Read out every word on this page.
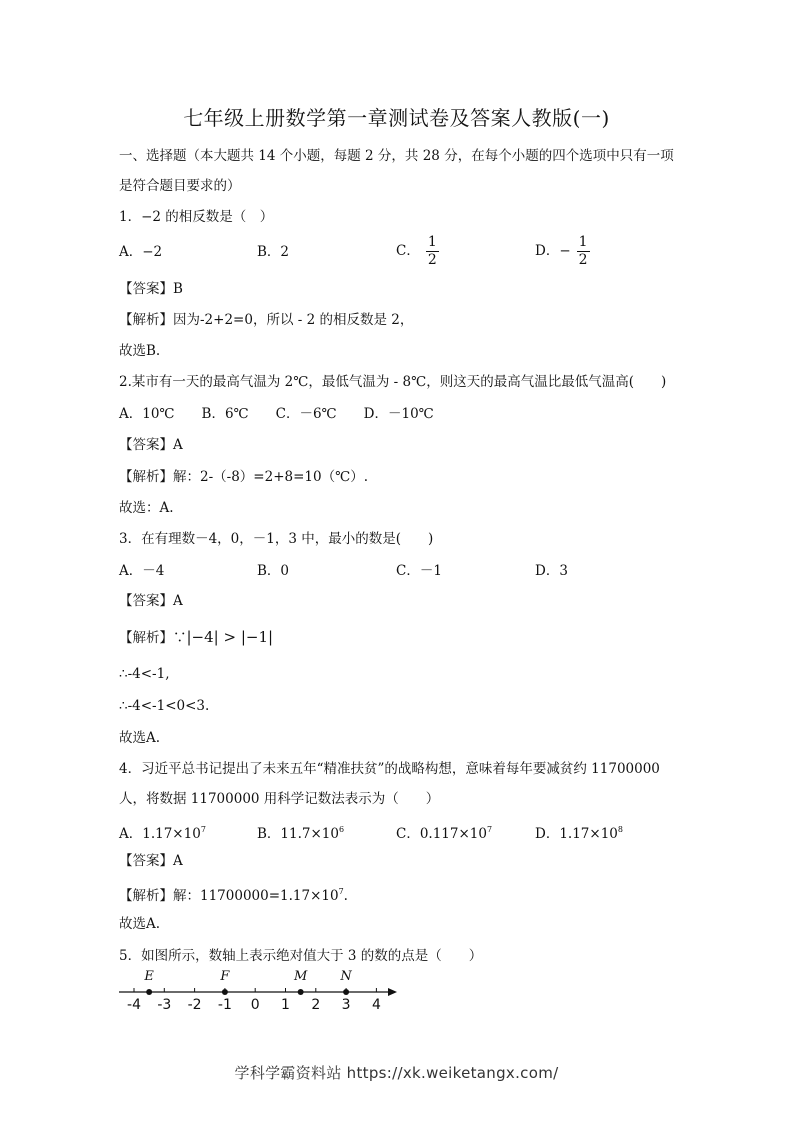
七年级上册数学第一章测试卷及答案人教版(一)
一、选择题（本大题共 14 个小题，每题 2 分，共 28 分，在每个小题的四个选项中只有一项
是符合题目要求的）
1．−2 的相反数是（　）
A．−2	B．2	C． $\frac{1}{2}$	D．− $\frac{1}{2}$
【答案】B
【解析】因为-2+2=0，所以 - 2 的相反数是 2，
故选B.
2.某市有一天的最高气温为 2℃，最低气温为 - 8℃，则这天的最高气温比最低气温高(　　)
A．10℃　　B．6℃　　C．－6℃　　D．－10℃
【答案】A
【解析】解：2-（-8）=2+8=10（℃）.
故选：A.
3．在有理数－4，0，－1，3 中，最小的数是(　　)
A．－4	B．0	C．－1	D．3
【答案】A
【解析】∵|−4| > |−1|
∴-4<-1,
∴-4<-1<0<3.
故选A.
4．习近平总书记提出了未来五年“精准扶贫”的战略构想，意味着每年要减贫约 11700000
人，将数据 11700000 用科学记数法表示为（　　）
A．$1.17\times 10^7$	B．$11.7\times 10^6$	C．$0.117\times 10^7$	D．$1.17\times 10^8$
【答案】A
【解析】解：$11700000=1.17\times 10^7$.
故选A.
5．如图所示，数轴上表示绝对值大于 3 的数的点是（　　）
-4 -3 -2 -1 0 1 2 3 4
E	F	M	N
学科学霸资料站 https://xk.weiketangx.com/
